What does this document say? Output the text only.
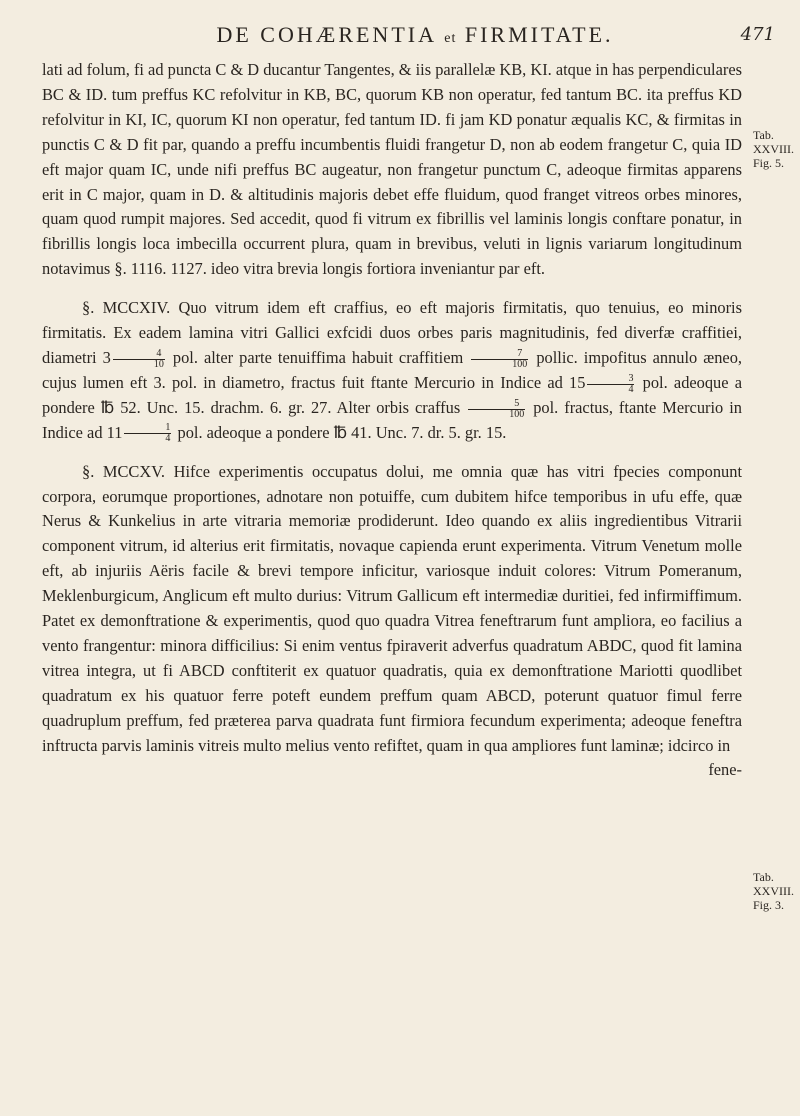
DE COHÆRENTIA et FIRMITATE.	471

lati ad folum, fi ad puncta C & D ducantur Tangentes, & iis parallelæ KB, KI. atque in has perpendiculares BC & ID. tum preffus KC refolvitur in KB, BC, quorum KB non operatur, fed tantum BC. ita preffus KD refolvitur in KI, IC, quorum KI non operatur, fed tantum ID. fi jam KD ponatur æqualis KC, & firmitas in punctis C & D fit par, quando a preffu incumbentis fluidi frangetur D, non ab eodem frangetur C, quia ID eft major quam IC, unde nifi preffus BC augeatur, non frangetur punctum C, adeoque firmitas apparens erit in C major, quam in D. & altitudinis majoris debet effe fluidum, quod franget vitreos orbes minores, quam quod rumpit majores. Sed accedit, quod fi vitrum ex fibrillis vel laminis longis conftare ponatur, in fibrillis longis loca imbecilla occurrent plura, quam in brevibus, veluti in lignis variarum longitudinum notavimus §. 1116. 1127. ideo vitra brevia longis fortiora inveniantur par eft.

§. MCCXIV. Quo vitrum idem eft craffius, eo eft majoris firmitatis, quo tenuius, eo minoris firmitatis. Ex eadem lamina vitri Gallici exfcidi duos orbes paris magnitudinis, fed diverfæ craffitiei, diametri $3 \frac{4}{10}$ pol. alter parte tenuiffima habuit craffitiem $\frac{7}{100}$ pollic. impofitus annulo æneo, cujus lumen eft 3. pol. in diametro, fractus fuit ftante Mercurio in Indice ad $15 \frac{3}{4}$ pol. adeoque a pondere ℔ 52. Unc. 15. drachm. 6. gr. 27. Alter orbis craffus $\frac{5}{100}$ pol. fractus, ftante Mercurio in Indice ad $11 \frac{1}{4}$ pol. adeoque a pondere ℔ 41. Unc. 7. dr. 5. gr. 15.

§. MCCXV. Hifce experimentis occupatus dolui, me omnia quæ has vitri fpecies componunt corpora, eorumque proportiones, adnotare non potuiffe, cum dubitem hifce temporibus in ufu effe, quæ Nerus & Kunkelius in arte vitraria memoriæ prodiderunt. Ideo quando ex aliis ingredientibus Vitrarii component vitrum, id alterius erit firmitatis, novaque capienda erunt experimenta. Vitrum Venetum molle eft, ab injuriis Aëris facile & brevi tempore inficitur, variosque induit colores: Vitrum Pomeranum, Meklenburgicum, Anglicum eft multo durius: Vitrum Gallicum eft intermediæ duritiei, fed infirmiffimum. Patet ex demonftratione & experimentis, quod quo quadra Vitrea feneftrarum funt ampliora, eo facilius a vento frangentur: minora difficilius: Si enim ventus fpiraverit adverfus quadratum ABDC, quod fit lamina vitrea integra, ut fi ABCD conftiterit ex quatuor quadratis, quia ex demonftratione Mariotti quodlibet quadratum ex his quatuor ferre poteft eundem preffum quam ABCD, poterunt quatuor fimul ferre quadruplum preffum, fed præterea parva quadrata funt firmiora fecundum experimenta; adeoque feneftra inftructa parvis laminis vitreis multo melius vento refiftet, quam in qua ampliores funt laminæ; idcirco in

fene-

Tab. XXVIII. Fig. 5.
Tab. XXVIII. Fig. 3.
